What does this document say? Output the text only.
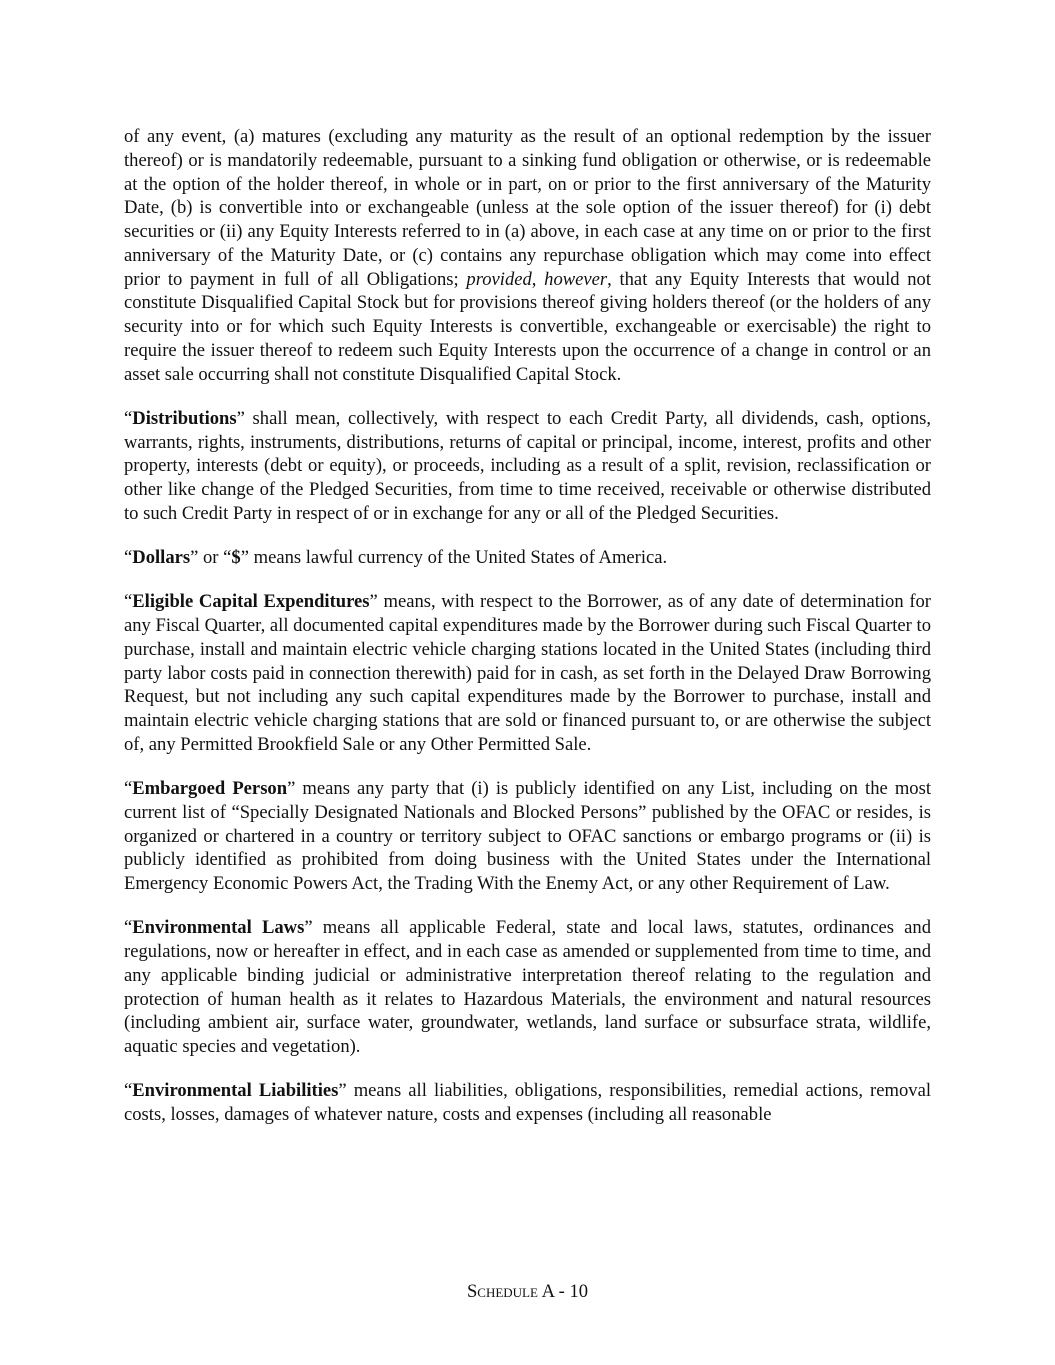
of any event, (a) matures (excluding any maturity as the result of an optional redemption by the issuer thereof) or is mandatorily redeemable, pursuant to a sinking fund obligation or otherwise, or is redeemable at the option of the holder thereof, in whole or in part, on or prior to the first anniversary of the Maturity Date, (b) is convertible into or exchangeable (unless at the sole option of the issuer thereof) for (i) debt securities or (ii) any Equity Interests referred to in (a) above, in each case at any time on or prior to the first anniversary of the Maturity Date, or (c) contains any repurchase obligation which may come into effect prior to payment in full of all Obligations; provided, however, that any Equity Interests that would not constitute Disqualified Capital Stock but for provisions thereof giving holders thereof (or the holders of any security into or for which such Equity Interests is convertible, exchangeable or exercisable) the right to require the issuer thereof to redeem such Equity Interests upon the occurrence of a change in control or an asset sale occurring shall not constitute Disqualified Capital Stock.

“Distributions” shall mean, collectively, with respect to each Credit Party, all dividends, cash, options, warrants, rights, instruments, distributions, returns of capital or principal, income, interest, profits and other property, interests (debt or equity), or proceeds, including as a result of a split, revision, reclassification or other like change of the Pledged Securities, from time to time received, receivable or otherwise distributed to such Credit Party in respect of or in exchange for any or all of the Pledged Securities.

“Dollars” or “$” means lawful currency of the United States of America.

“Eligible Capital Expenditures” means, with respect to the Borrower, as of any date of determination for any Fiscal Quarter, all documented capital expenditures made by the Borrower during such Fiscal Quarter to purchase, install and maintain electric vehicle charging stations located in the United States (including third party labor costs paid in connection therewith) paid for in cash, as set forth in the Delayed Draw Borrowing Request, but not including any such capital expenditures made by the Borrower to purchase, install and maintain electric vehicle charging stations that are sold or financed pursuant to, or are otherwise the subject of, any Permitted Brookfield Sale or any Other Permitted Sale.

“Embargoed Person” means any party that (i) is publicly identified on any List, including on the most current list of “Specially Designated Nationals and Blocked Persons” published by the OFAC or resides, is organized or chartered in a country or territory subject to OFAC sanctions or embargo programs or (ii) is publicly identified as prohibited from doing business with the United States under the International Emergency Economic Powers Act, the Trading With the Enemy Act, or any other Requirement of Law.

“Environmental Laws” means all applicable Federal, state and local laws, statutes, ordinances and regulations, now or hereafter in effect, and in each case as amended or supplemented from time to time, and any applicable binding judicial or administrative interpretation thereof relating to the regulation and protection of human health as it relates to Hazardous Materials, the environment and natural resources (including ambient air, surface water, groundwater, wetlands, land surface or subsurface strata, wildlife, aquatic species and vegetation).

“Environmental Liabilities” means all liabilities, obligations, responsibilities, remedial actions, removal costs, losses, damages of whatever nature, costs and expenses (including all reasonable

Schedule A - 10
